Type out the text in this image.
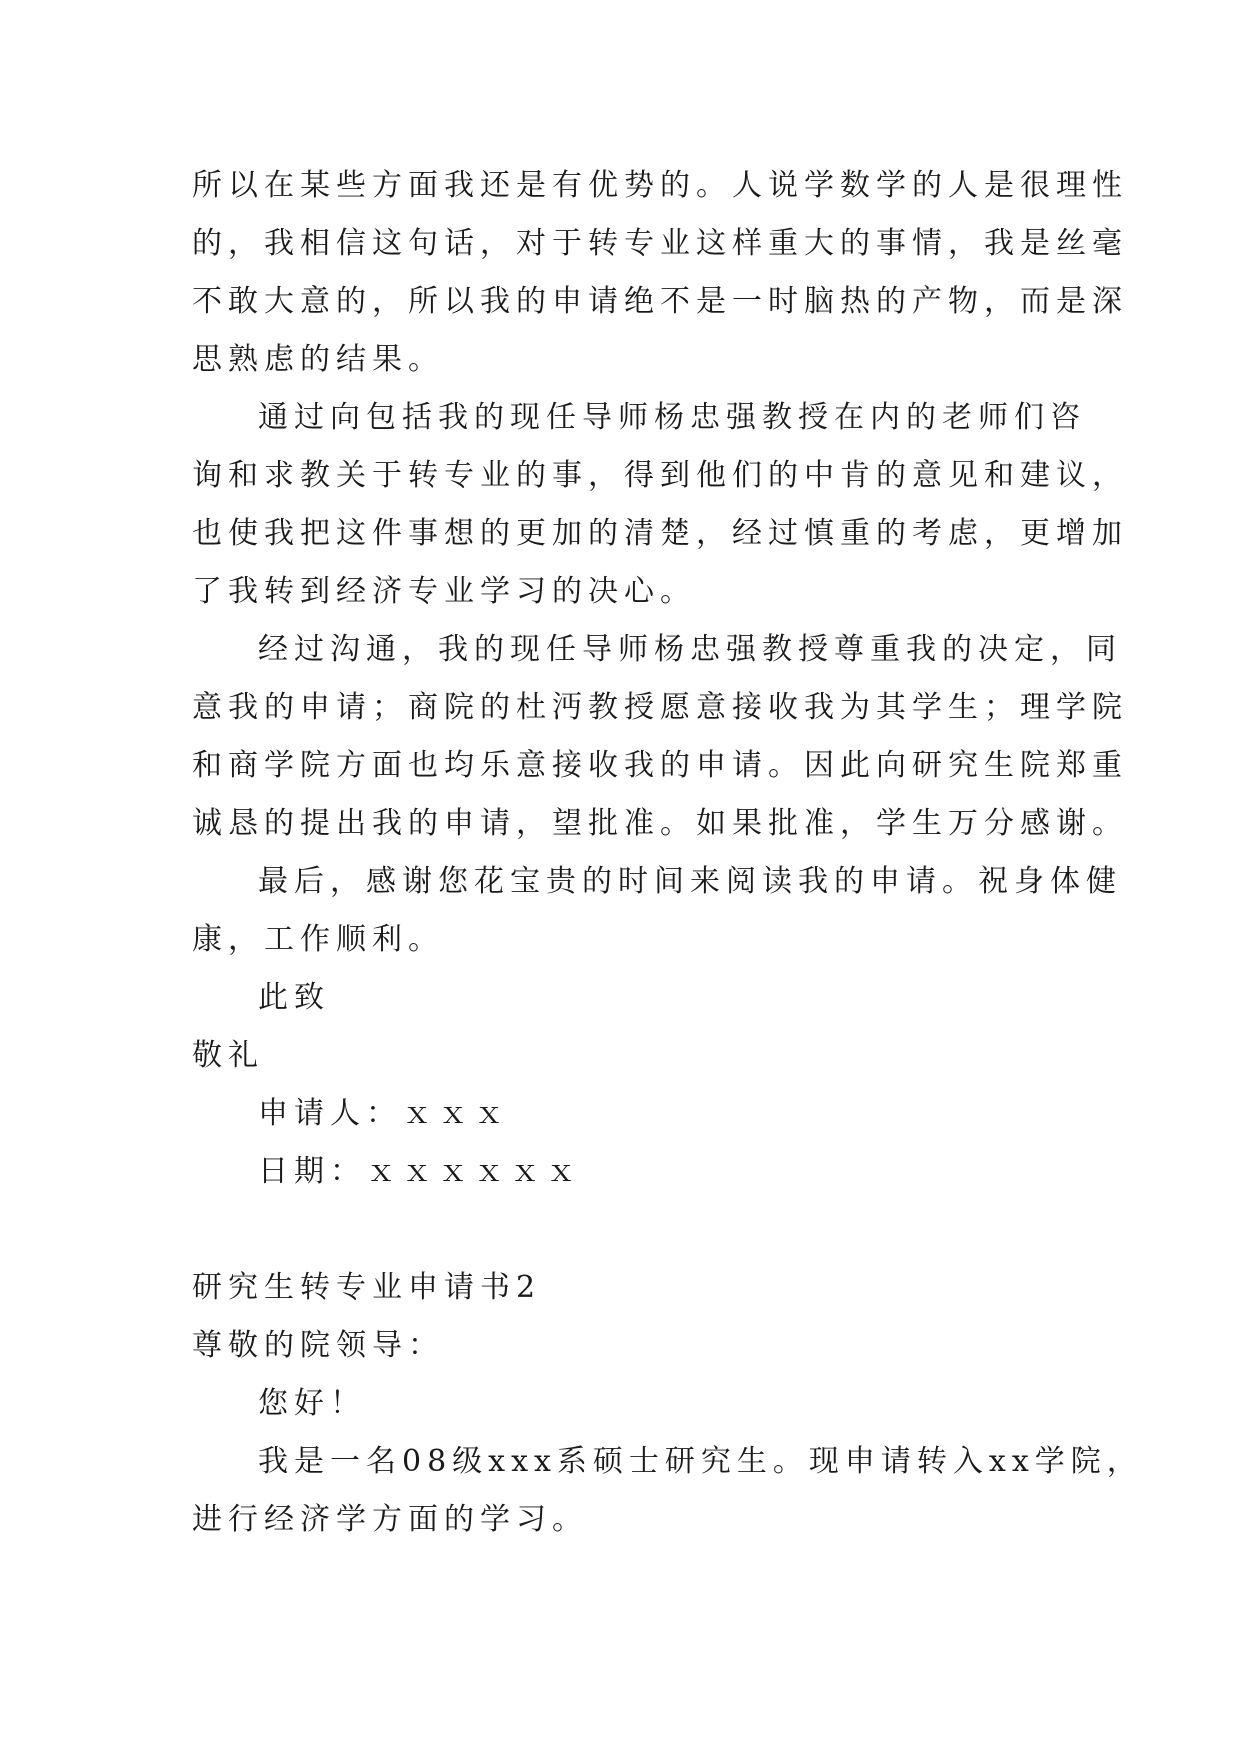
所以在某些方面我还是有优势的。人说学数学的人是很理性
的，我相信这句话，对于转专业这样重大的事情，我是丝毫
不敢大意的，所以我的申请绝不是一时脑热的产物，而是深
思熟虑的结果。
通过向包括我的现任导师杨忠强教授在内的老师们咨
询和求教关于转专业的事，得到他们的中肯的意见和建议，
也使我把这件事想的更加的清楚，经过慎重的考虑，更增加
了我转到经济专业学习的决心。
经过沟通，我的现任导师杨忠强教授尊重我的决定，同
意我的申请；商院的杜沔教授愿意接收我为其学生；理学院
和商学院方面也均乐意接收我的申请。因此向研究生院郑重
诚恳的提出我的申请，望批准。如果批准，学生万分感谢。
最后，感谢您花宝贵的时间来阅读我的申请。祝身体健
康，工作顺利。
此致
敬礼
申请人：ｘｘｘ
日期：ｘｘｘｘｘｘ
研究生转专业申请书2
尊敬的院领导：
您好！
我是一名08级xxx系硕士研究生。现申请转入xx学院，
进行经济学方面的学习。
